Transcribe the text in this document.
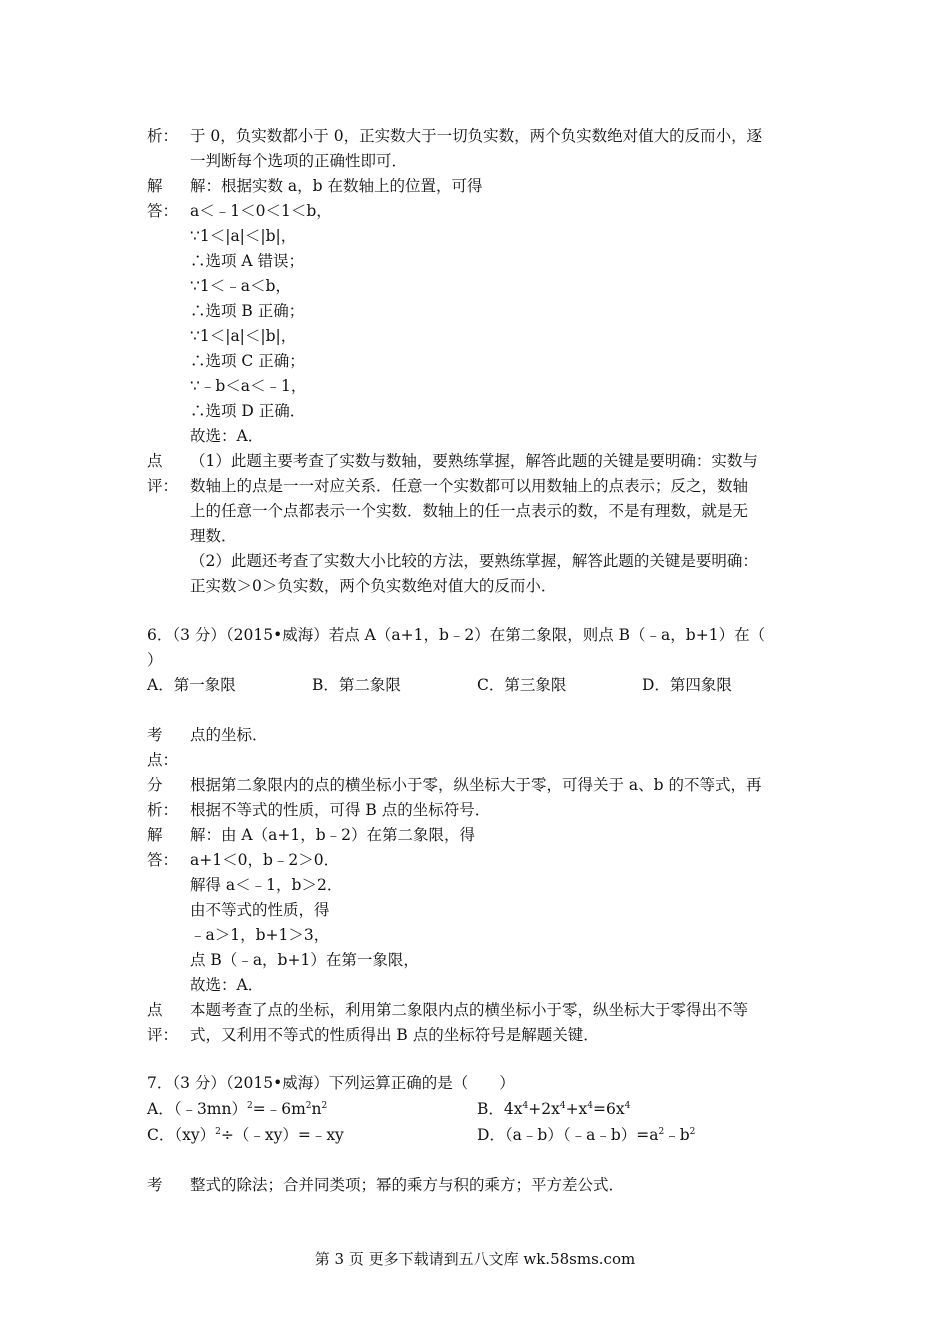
析： 于 0，负实数都小于 0，正实数大于一切负实数，两个负实数绝对值大的反而小，逐
一判断每个选项的正确性即可．
解
答：
解：根据实数 a，b 在数轴上的位置，可得
a＜﹣1＜0＜1＜b，
∵1＜|a|＜|b|，
∴选项 A 错误；
∵1＜﹣a＜b，
∴选项 B 正确；
∵1＜|a|＜|b|，
∴选项 C 正确；
∵﹣b＜a＜﹣1，
∴选项 D 正确．
故选：A．
点
评：
（1）此题主要考查了实数与数轴，要熟练掌握，解答此题的关键是要明确：实数与
数轴上的点是一一对应关系．任意一个实数都可以用数轴上的点表示；反之，数轴
上的任意一个点都表示一个实数．数轴上的任一点表示的数，不是有理数，就是无
理数．
（2）此题还考查了实数大小比较的方法，要熟练掌握，解答此题的关键是要明确：
正实数＞0＞负实数，两个负实数绝对值大的反而小．
6．（3 分）（2015•威海）若点 A（a+1，b﹣2）在第二象限，则点 B（﹣a，b+1）在（
）
A．第一象限	B．第二象限	C．第三象限	D．第四象限
考
点：
点的坐标．
分
析：
根据第二象限内的点的横坐标小于零，纵坐标大于零，可得关于 a、b 的不等式，再
根据不等式的性质，可得 B 点的坐标符号．
解
答：
解：由 A（a+1，b﹣2）在第二象限，得
a+1＜0，b﹣2＞0．
解得 a＜﹣1，b＞2．
由不等式的性质，得
﹣a＞1，b+1＞3，
点 B（﹣a，b+1）在第一象限，
故选：A．
点
评：
本题考查了点的坐标，利用第二象限内点的横坐标小于零，纵坐标大于零得出不等
式，又利用不等式的性质得出 B 点的坐标符号是解题关键．
7．（3 分）（2015•威海）下列运算正确的是（　　）
A．$(﹣3mn)^2=﹣6m^2n^2$	B．$4x^4+2x^4+x^4=6x^4$
C．（xy）$^2$÷（﹣xy）=﹣xy	D．$(a﹣b)(﹣a﹣b)=a^2﹣b^2$
考 整式的除法；合并同类项；幂的乘方与积的乘方；平方差公式．
第 3 页 更多下载请到五八文库 wk.58sms.com
